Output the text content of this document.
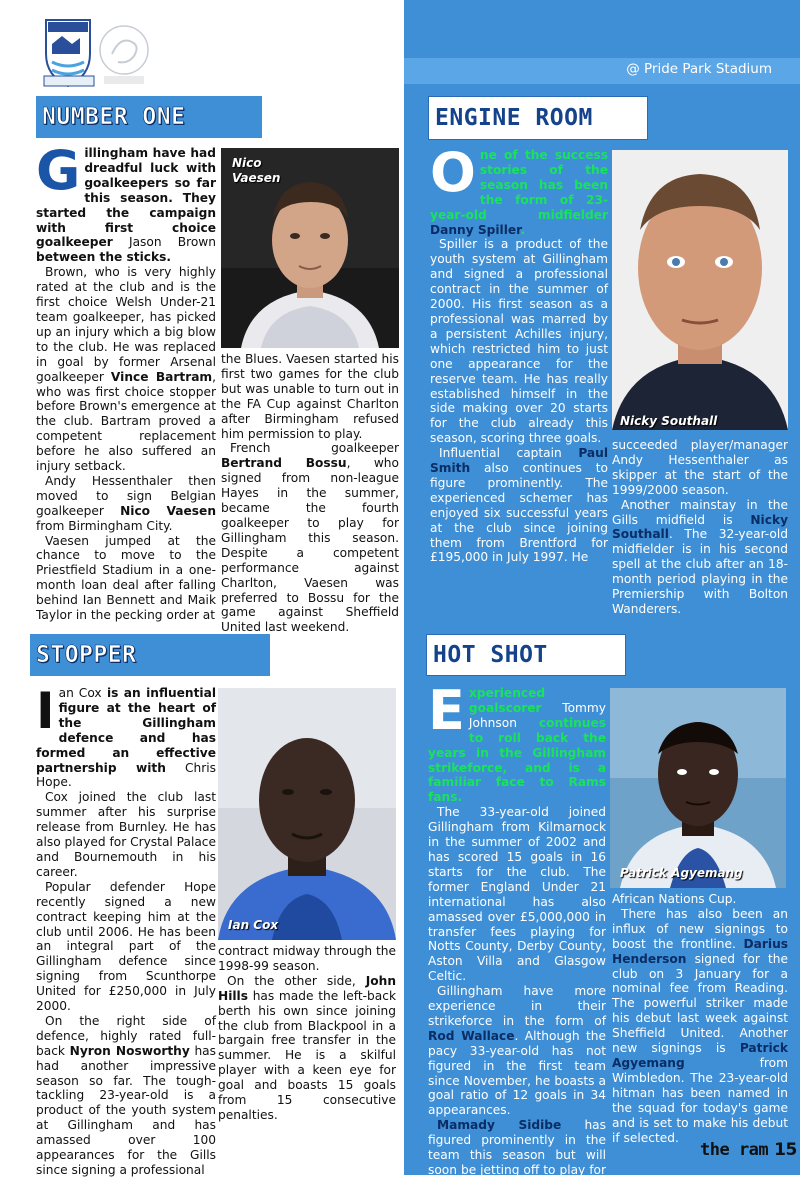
@ Pride Park Stadium
NUMBER ONE
Nico
Vaesen
G illingham have had dreadful luck with goalkeepers so far this season. They started the campaign with first choice goalkeeper Jason Brown between the sticks.

Brown, who is very highly rated at the club and is the first choice Welsh Under-21 team goalkeeper, has picked up an injury which a big blow to the club. He was replaced in goal by former Arsenal goalkeeper Vince Bartram, who was first choice stopper before Brown's emergence at the club. Bartram proved a competent replacement before he also suffered an injury setback.

Andy Hessenthaler then moved to sign Belgian goalkeeper Nico Vaesen from Birmingham City.

Vaesen jumped at the chance to move to the Priestfield Stadium in a one-month loan deal after falling behind Ian Bennett and Maik Taylor in the pecking order at

the Blues. Vaesen started his first two games for the club but was unable to turn out in the FA Cup against Charlton after Birmingham refused him permission to play.

French goalkeeper Bertrand Bossu, who signed from non-league Hayes in the summer, became the fourth goalkeeper to play for Gillingham this season. Despite a competent performance against Charlton, Vaesen was preferred to Bossu for the game against Sheffield United last weekend.

STOPPER
Ian Cox
I an Cox is an influential figure at the heart of the Gillingham defence and has formed an effective partnership with Chris Hope.

Cox joined the club last summer after his surprise release from Burnley. He has also played for Crystal Palace and Bournemouth in his career.

Popular defender Hope recently signed a new contract keeping him at the club until 2006. He has been an integral part of the Gillingham defence since signing from Scunthorpe United for £250,000 in July 2000.

On the right side of defence, highly rated full-back Nyron Nosworthy has had another impressive season so far. The tough-tackling 23-year-old is a product of the youth system at Gillingham and has amassed over 100 appearances for the Gills since signing a professional

contract midway through the 1998-99 season.

On the other side, John Hills has made the left-back berth his own since joining the club from Blackpool in a bargain free transfer in the summer. He is a skilful player with a keen eye for goal and boasts 15 goals from 15 consecutive penalties.

ENGINE ROOM
Nicky Southall
O ne of the success stories of the season has been the form of 23-year-old midfielder Danny Spiller.

Spiller is a product of the youth system at Gillingham and signed a professional contract in the summer of 2000. His first season as a professional was marred by a persistent Achilles injury, which restricted him to just one appearance for the reserve team. He has really established himself in the side making over 20 starts for the club already this season, scoring three goals.

Influential captain Paul Smith also continues to figure prominently. The experienced schemer has enjoyed six successful years at the club since joining them from Brentford for £195,000 in July 1997. He

succeeded player/manager Andy Hessenthaler as skipper at the start of the 1999/2000 season.

Another mainstay in the Gills midfield is Nicky Southall. The 32-year-old midfielder is in his second spell at the club after an 18-month period playing in the Premiership with Bolton Wanderers.

HOT SHOT
Patrick Agyemang
E xperienced goalscorer Tommy Johnson continues to roll back the years in the Gillingham strikeforce, and is a familiar face to Rams fans.

The 33-year-old joined Gillingham from Kilmarnock in the summer of 2002 and has scored 15 goals in 16 starts for the club. The former England Under 21 international has also amassed over £5,000,000 in transfer fees playing for Notts County, Derby County, Aston Villa and Glasgow Celtic.

Gillingham have more experience in their strikeforce in the form of Rod Wallace. Although the pacy 33-year-old has not figured in the first team since November, he boasts a goal ratio of 12 goals in 34 appearances.

Mamady Sidibe has figured prominently in the team this season but will soon be jetting off to play for Mali in the

African Nations Cup.

There has also been an influx of new signings to boost the frontline. Darius Henderson signed for the club on 3 January for a nominal fee from Reading. The powerful striker made his debut last week against Sheffield United. Another new signings is Patrick Agyemang from Wimbledon. The 23-year-old hitman has been named in the squad for today's game and is set to make his debut if selected.

the ram 15
